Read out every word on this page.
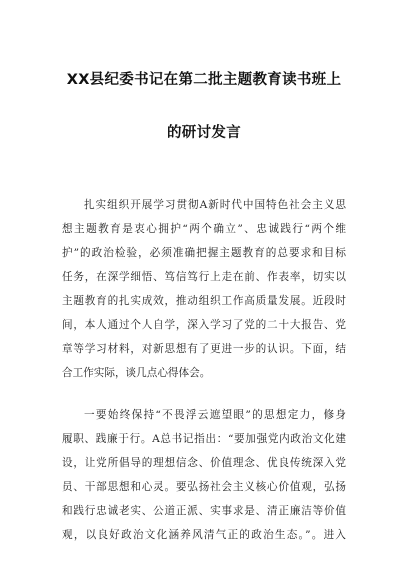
XX县纪委书记在第二批主题教育读书班上
的研讨发言
扎实组织开展学习贯彻A新时代中国特色社会主义思
想主题教育是衷心拥护“两个确立”、忠诚践行“两个维
护”的政治检验，必须准确把握主题教育的总要求和目标
任务，在深学细悟、笃信笃行上走在前、作表率，切实以
主题教育的扎实成效，推动组织工作高质量发展。近段时
间，本人通过个人自学，深入学习了党的二十大报告、党
章等学习材料，对新思想有了更进一步的认识。下面，结
合工作实际，谈几点心得体会。
一要始终保持“不畏浮云遮望眼”的思想定力，修身
履职、践廉于行。A总书记指出：“要加强党内政治文化建
设，让党所倡导的理想信念、价值理念、优良传统深入党
员、干部思想和心灵。要弘扬社会主义核心价值观，弘扬
和践行忠诚老实、公道正派、实事求是、清正廉洁等价值
观，以良好政治文化涵养风清气正的政治生态。”。进入
